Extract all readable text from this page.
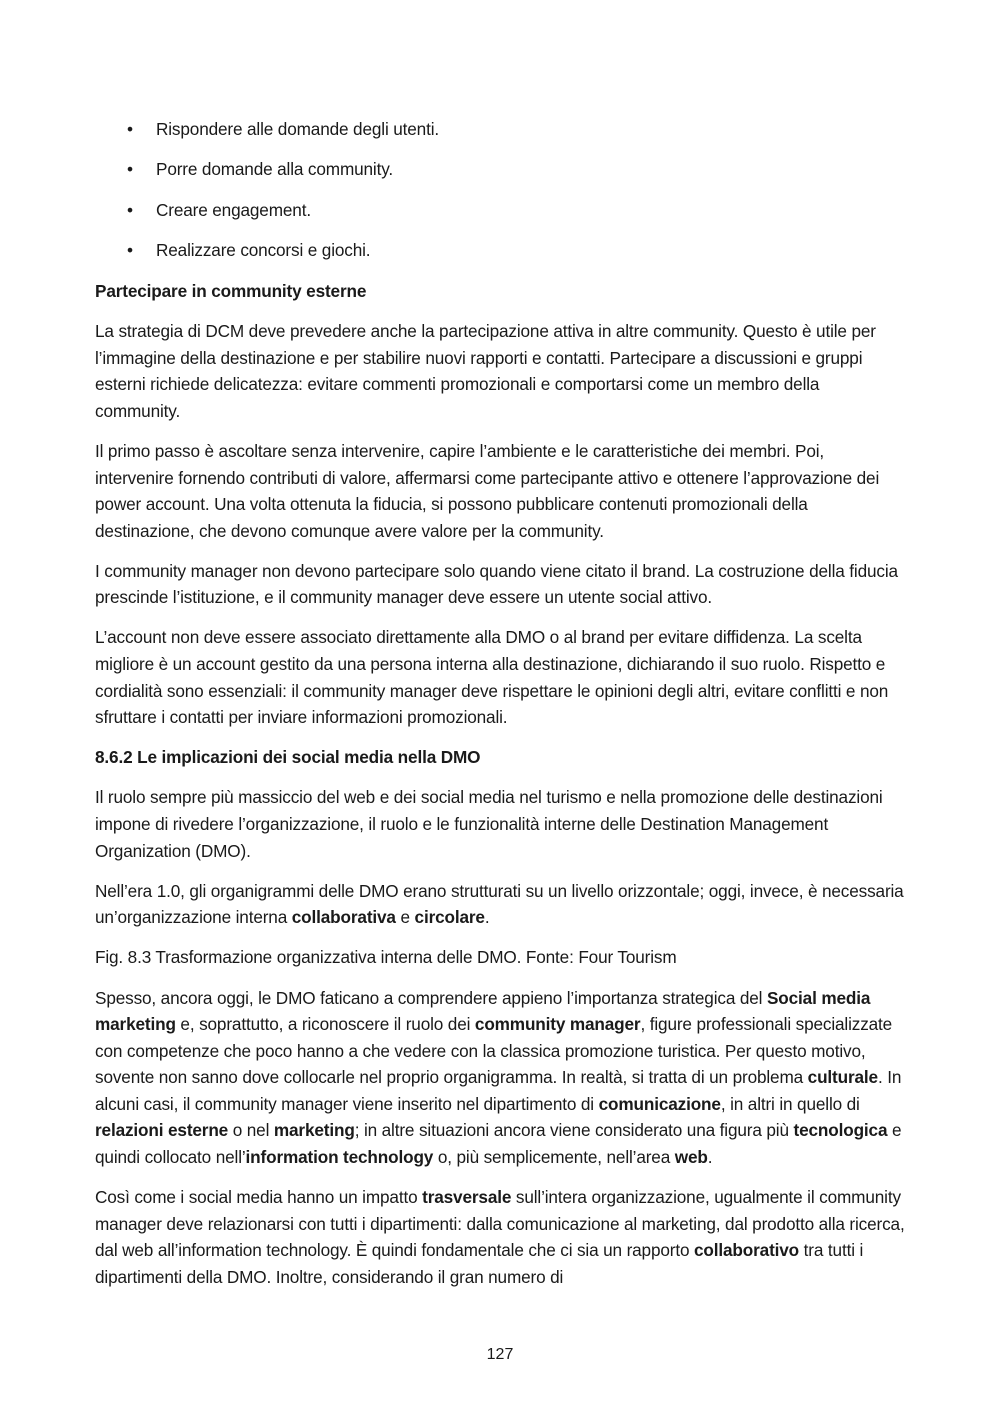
• Rispondere alle domande degli utenti.
• Porre domande alla community.
• Creare engagement.
• Realizzare concorsi e giochi.
Partecipare in community esterne

La strategia di DCM deve prevedere anche la partecipazione attiva in altre community. Questo è utile per l’immagine della destinazione e per stabilire nuovi rapporti e contatti. Partecipare a discussioni e gruppi esterni richiede delicatezza: evitare commenti promozionali e comportarsi come un membro della community.

Il primo passo è ascoltare senza intervenire, capire l’ambiente e le caratteristiche dei membri. Poi, intervenire fornendo contributi di valore, affermarsi come partecipante attivo e ottenere l’approvazione dei power account. Una volta ottenuta la fiducia, si possono pubblicare contenuti promozionali della destinazione, che devono comunque avere valore per la community.

I community manager non devono partecipare solo quando viene citato il brand. La costruzione della fiducia prescinde l’istituzione, e il community manager deve essere un utente social attivo.

L’account non deve essere associato direttamente alla DMO o al brand per evitare diffidenza. La scelta migliore è un account gestito da una persona interna alla destinazione, dichiarando il suo ruolo. Rispetto e cordialità sono essenziali: il community manager deve rispettare le opinioni degli altri, evitare conflitti e non sfruttare i contatti per inviare informazioni promozionali.

8.6.2 Le implicazioni dei social media nella DMO

Il ruolo sempre più massiccio del web e dei social media nel turismo e nella promozione delle destinazioni impone di rivedere l’organizzazione, il ruolo e le funzionalità interne delle Destination Management Organization (DMO).

Nell’era 1.0, gli organigrammi delle DMO erano strutturati su un livello orizzontale; oggi, invece, è necessaria un’organizzazione interna collaborativa e circolare.

Fig. 8.3 Trasformazione organizzativa interna delle DMO. Fonte: Four Tourism

Spesso, ancora oggi, le DMO faticano a comprendere appieno l’importanza strategica del Social media marketing e, soprattutto, a riconoscere il ruolo dei community manager, figure professionali specializzate con competenze che poco hanno a che vedere con la classica promozione turistica. Per questo motivo, sovente non sanno dove collocarle nel proprio organigramma. In realtà, si tratta di un problema culturale. In alcuni casi, il community manager viene inserito nel dipartimento di comunicazione, in altri in quello di relazioni esterne o nel marketing; in altre situazioni ancora viene considerato una figura più tecnologica e quindi collocato nell’information technology o, più semplicemente, nell’area web.

Così come i social media hanno un impatto trasversale sull’intera organizzazione, ugualmente il community manager deve relazionarsi con tutti i dipartimenti: dalla comunicazione al marketing, dal prodotto alla ricerca, dal web all’information technology. È quindi fondamentale che ci sia un rapporto collaborativo tra tutti i dipartimenti della DMO. Inoltre, considerando il gran numero di

127
